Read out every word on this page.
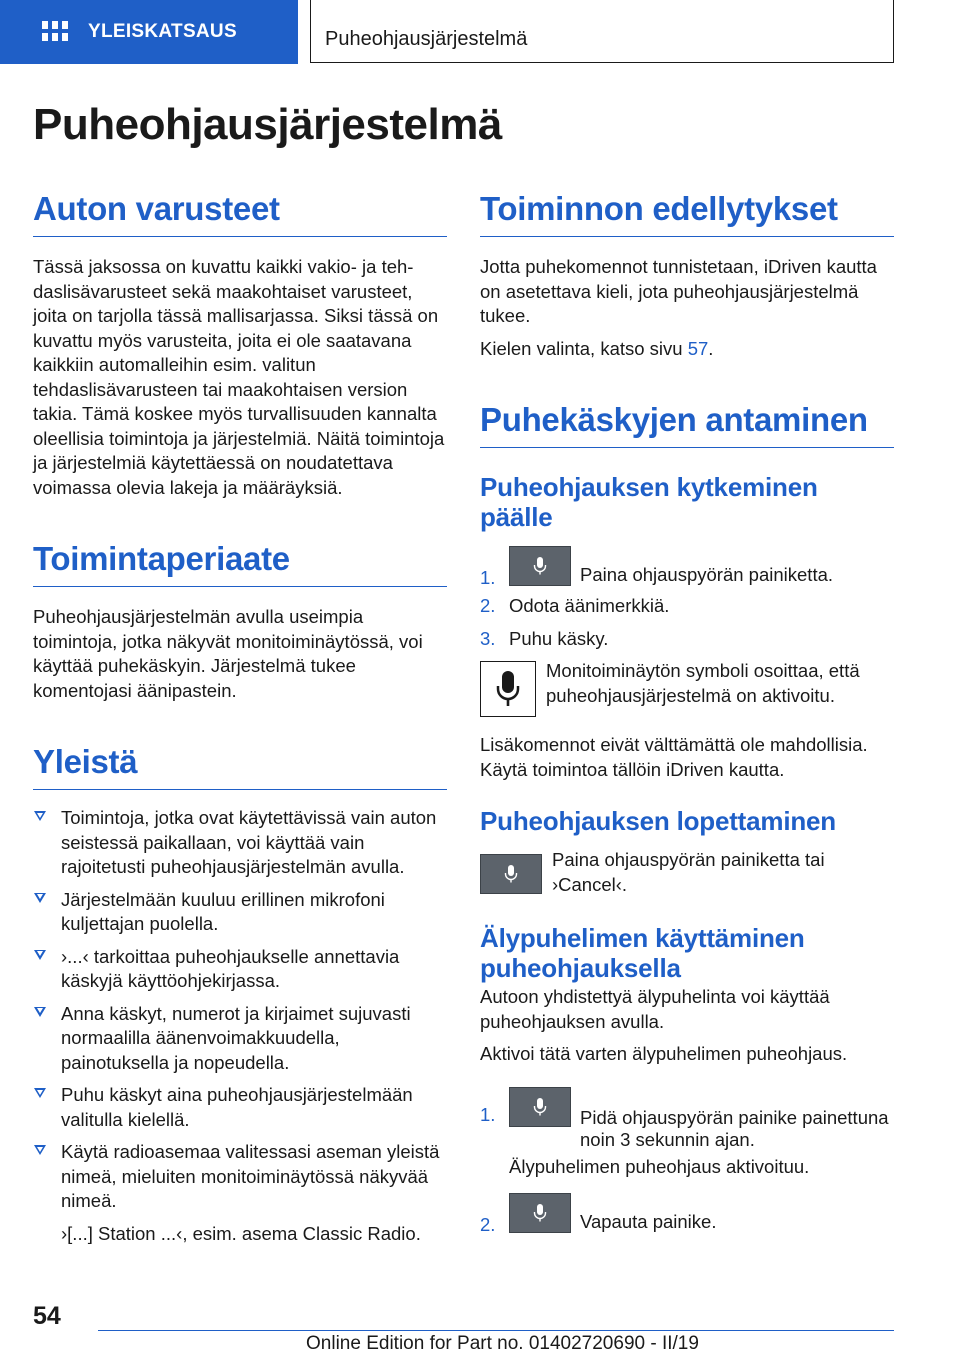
YLEISKATSAUS	Puheohjausjärjestelmä
Puheohjausjärjestelmä
Auton varusteet

Tässä jaksossa on kuvattu kaikki vakio- ja teh-daslisävarusteet sekä maakohtaiset varusteet, joita on tarjolla tässä mallisarjassa. Siksi tässä on kuvattu myös varusteita, joita ei ole saatavana kaikkiin automalleihin esim. valitun tehdaslisävarusteen tai maakohtaisen version takia. Tämä koskee myös turvallisuuden kannalta oleellisia toimintoja ja järjestelmiä. Näitä toimintoja ja järjestelmiä käytettäessä on noudatettava voimassa olevia lakeja ja määräyksiä.

Toimintaperiaate

Puheohjausjärjestelmän avulla useimpia toimintoja, jotka näkyvät monitoiminäytössä, voi käyttää puhekäskyin. Järjestelmä tukee komentojasi äänipastein.

Yleistä
Toimintoja, jotka ovat käytettävissä vain auton seistessä paikallaan, voi käyttää vain rajoitetusti puheohjausjärjestelmän avulla.
Järjestelmään kuuluu erillinen mikrofoni kuljettajan puolella.
›...‹ tarkoittaa puheohjaukselle annettavia käskyjä käyttöohjekirjassa.
Anna käskyt, numerot ja kirjaimet sujuvasti normaalilla äänenvoimakkuudella, painotuksella ja nopeudella.
Puhu käskyt aina puheohjausjärjestelmään valitulla kielellä.
Käytä radioasemaa valitessasi aseman yleistä nimeä, mieluiten monitoiminäytössä näkyvää nimeä.
›[...] Station ...‹, esim. asema Classic Radio.
Toiminnon edellytykset

Jotta puhekomennot tunnistetaan, iDriven kautta on asetettava kieli, jota puheohjausjärjestelmä tukee.

Kielen valinta, katso sivu 57.

Puhekäskyjen antaminen
Puheohjauksen kytkeminen päälle
1.	Paina ohjauspyörän painiketta.
2. Odota äänimerkkiä.
3. Puhu käsky.

Monitoiminäytön symboli osoittaa, että puheohjausjärjestelmä on aktivoitu.

Lisäkomennot eivät välttämättä ole mahdollisia. Käytä toimintoa tällöin iDriven kautta.

Puheohjauksen lopettaminen

Paina ohjauspyörän painiketta tai ›Cancel‹.

Älypuhelimen käyttäminen puheohjauksella

Autoon yhdistettyä älypuhelinta voi käyttää puheohjauksen avulla.

Aktivoi tätä varten älypuhelimen puheohjaus.

1.	Pidä ohjauspyörän painike painettuna noin 3 sekunnin ajan.
Älypuhelimen puheohjaus aktivoituu.
2.	Vapauta painike.
54
Online Edition for Part no. 01402720690 - II/19
